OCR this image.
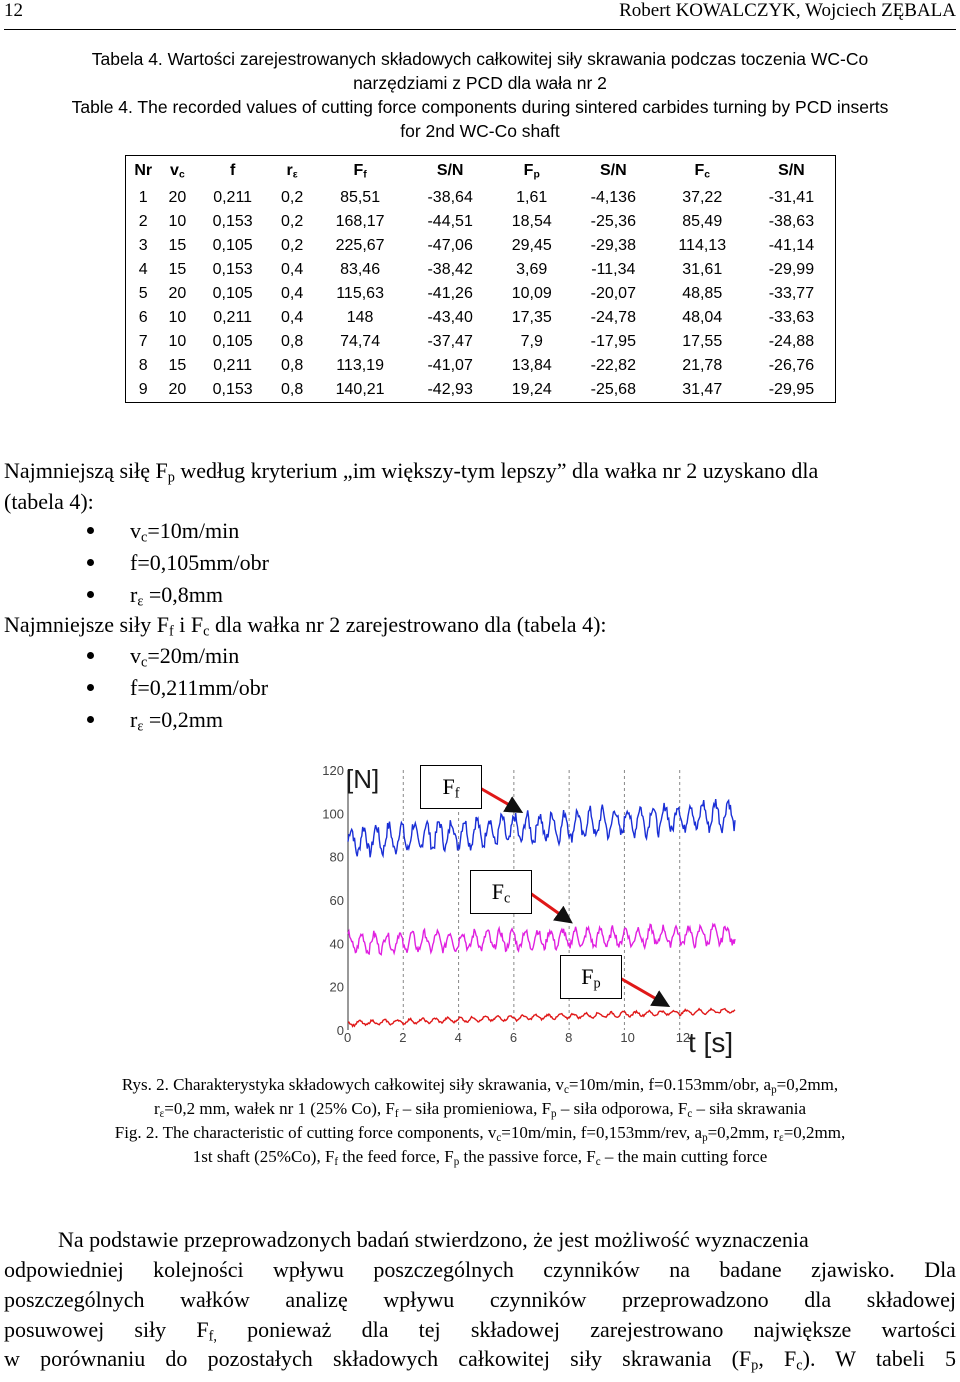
12	Robert KOWALCZYK, Wojciech ZĘBALA
Tabela 4. Wartości zarejestrowanych składowych całkowitej siły skrawania podczas toczenia WC-Co
narzędziami z PCD dla wała nr 2
Table 4. The recorded values of cutting force components during sintered carbides turning by PCD inserts
for 2nd WC-Co shaft
Nr	$v_c$	f	$r_\varepsilon$	$F_f$	S/N	$F_p$	S/N	$F_c$	S/N
1	20	0,211	0,2	85,51	-38,64	1,61	-4,136	37,22	-31,41
2	10	0,153	0,2	168,17	-44,51	18,54	-25,36	85,49	-38,63
3	15	0,105	0,2	225,67	-47,06	29,45	-29,38	114,13	-41,14
4	15	0,153	0,4	83,46	-38,42	3,69	-11,34	31,61	-29,99
5	20	0,105	0,4	115,63	-41,26	10,09	-20,07	48,85	-33,77
6	10	0,211	0,4	148	-43,40	17,35	-24,78	48,04	-33,63
7	10	0,105	0,8	74,74	-37,47	7,9	-17,95	17,55	-24,88
8	15	0,211	0,8	113,19	-41,07	13,84	-22,82	21,78	-26,76
9	20	0,153	0,8	140,21	-42,93	19,24	-25,68	31,47	-29,95
Najmniejszą siłę $F_p$ według kryterium „im większy-tym lepszy” dla wałka nr 2 uzyskano dla
(tabela 4):
$v_c=10m/\min$
f=0,105mm/obr
$r_\varepsilon =0,8mm$
Najmniejsze siły $F_f$ i $F_c$ dla wałka nr 2 zarejestrowano dla (tabela 4):
$v_c=20m/\min$
f=0,211mm/obr
$r_\varepsilon =0,2mm$
0	2	4	6	8	10	12
120
100
80
60
40
20
0
[N]
t [s]
$F_f$
$F_c$
$F_p$
Rys. 2. Charakterystyka składowych całkowitej siły skrawania, $v_c=10m/\min$, f=0.153mm/obr, $a_p=0,2mm$,
$r_\varepsilon=0,2$ mm, wałek nr 1 (25% Co), $F_f$ – siła promieniowa, $F_p$ – siła odporowa, $F_c$ – siła skrawania
Fig. 2. The characteristic of cutting force components, $v_c=10m/\min$, f=0,153mm/rev, $a_p=0,2mm$, $r_\varepsilon=0,2mm$,
1st shaft (25%Co), $F_f$ the feed force, $F_p$ the passive force, $F_c$ – the main cutting force
Na podstawie przeprowadzonych badań stwierdzono, że jest możliwość wyznaczenia
odpowiedniej kolejności wpływu poszczególnych czynników na badane zjawisko. Dla
poszczególnych wałków analizę wpływu czynników przeprowadzono dla składowej
posuwowej siły $F_{f,}$ ponieważ dla tej składowej zarejestrowano największe wartości
w porównaniu do pozostałych składowych całkowitej siły skrawania ($F_p$, $F_c$). W tabeli 5
